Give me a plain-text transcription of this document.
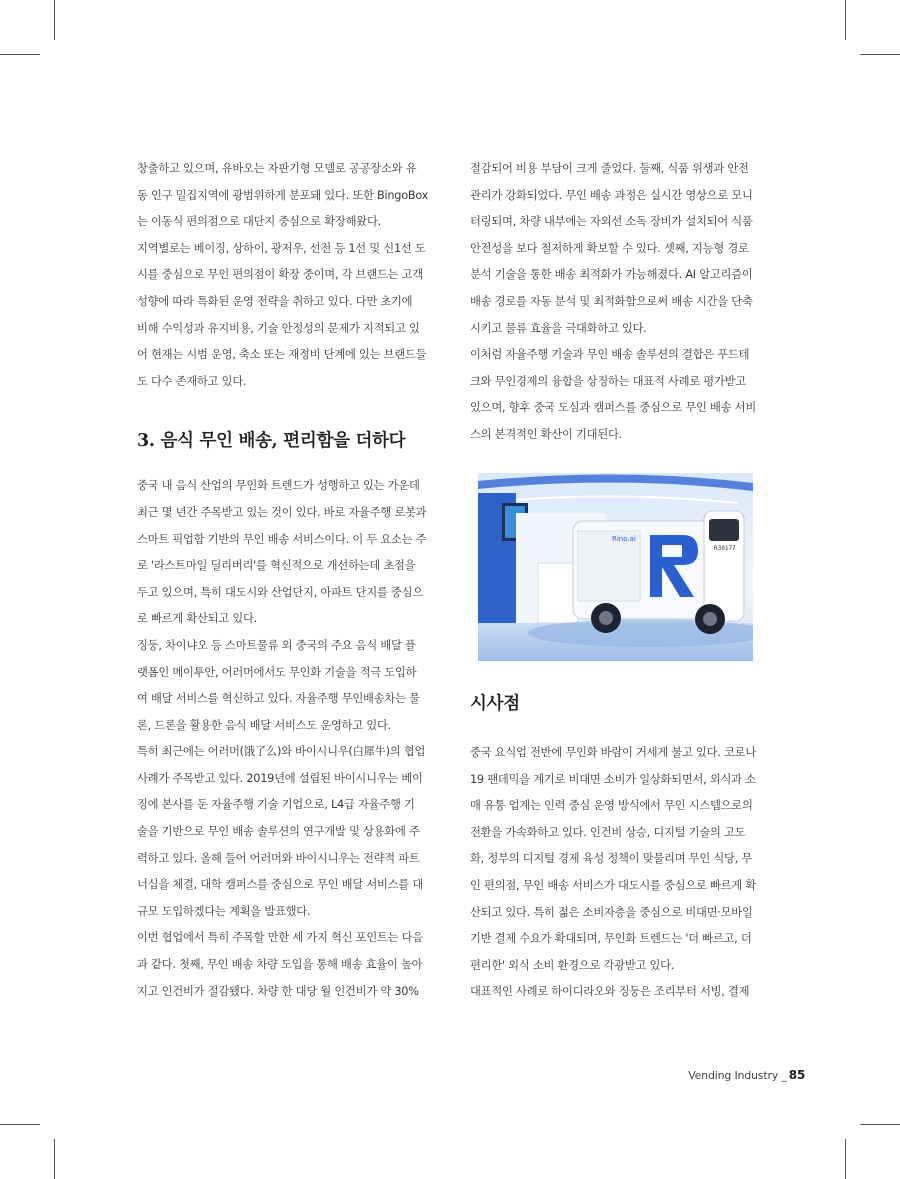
창출하고 있으며, 유바오는 자판기형 모델로 공공장소와 유

동 인구 밀집지역에 광범위하게 분포돼 있다. 또한 BingoBox

는 이동식 편의점으로 대단지 중심으로 확장해왔다.

지역별로는 베이징, 상하이, 광저우, 선전 등 1선 및 신1선 도

시를 중심으로 무인 편의점이 확장 중이며, 각 브랜드는 고객

성향에 따라 특화된 운영 전략을 취하고 있다. 다만 초기에

비해 수익성과 유지비용, 기술 안정성의 문제가 지적되고 있

어 현재는 시범 운영, 축소 또는 재정비 단계에 있는 브랜드들

도 다수 존재하고 있다.

3. 음식 무인 배송, 편리함을 더하다

중국 내 음식 산업의 무인화 트렌드가 성행하고 있는 가운데

최근 몇 년간 주목받고 있는 것이 있다. 바로 자율주행 로봇과

스마트 픽업함 기반의 무인 배송 서비스이다. 이 두 요소는 주

로 '라스트마일 딜리버리'를 혁신적으로 개선하는데 초점을

두고 있으며, 특히 대도시와 산업단지, 아파트 단지를 중심으

로 빠르게 확산되고 있다.

징둥, 차이냐오 등 스마트물류 외 중국의 주요 음식 배달 플

랫폼인 메이투안, 어러머에서도 무인화 기술을 적극 도입하

여 배달 서비스를 혁신하고 있다. 자율주행 무인배송차는 물

론, 드론을 활용한 음식 배달 서비스도 운영하고 있다.

특히 최근에는 어러머(饿了么)와 바이시니우(白犀牛)의 협업

사례가 주목받고 있다. 2019년에 설립된 바이시니우는 베이

징에 본사를 둔 자율주행 기술 기업으로, L4급 자율주행 기

술을 기반으로 무인 배송 솔루션의 연구개발 및 상용화에 주

력하고 있다. 올해 들어 어러머와 바이시니우는 전략적 파트

너십을 체결, 대학 캠퍼스를 중심으로 무인 배달 서비스를 대

규모 도입하겠다는 계획을 발표했다.

이번 협업에서 특히 주목할 만한 세 가지 혁신 포인트는 다음

과 같다. 첫째, 무인 배송 차량 도입을 통해 배송 효율이 높아

지고 인건비가 절감됐다. 차량 한 대당 월 인건비가 약 30%

절감되어 비용 부담이 크게 줄었다. 둘째, 식품 위생과 안전

관리가 강화되었다. 무인 배송 과정은 실시간 영상으로 모니

터링되며, 차량 내부에는 자외선 소독 장비가 설치되어 식품

안전성을 보다 철저하게 확보할 수 있다. 셋째, 지능형 경로

분석 기술을 통한 배송 최적화가 가능해졌다. AI 알고리즘이

배송 경로를 자동 분석 및 최적화함으로써 배송 시간을 단축

시키고 물류 효율을 극대화하고 있다.

이처럼 자율주행 기술과 무인 배송 솔루션의 결합은 푸드테

크와 무인경제의 융합을 상징하는 대표적 사례로 평가받고

있으며, 향후 중국 도심과 캠퍼스를 중심으로 무인 배송 서비

스의 본격적인 확산이 기대된다.

R30177
Rino.ai
시사점

중국 요식업 전반에 무인화 바람이 거세게 불고 있다. 코로나

19 팬데믹을 계기로 비대면 소비가 일상화되면서, 외식과 소

매 유통 업계는 인력 중심 운영 방식에서 무인 시스템으로의

전환을 가속화하고 있다. 인건비 상승, 디지털 기술의 고도

화, 정부의 디지털 경제 육성 정책이 맞물리며 무인 식당, 무

인 편의점, 무인 배송 서비스가 대도시를 중심으로 빠르게 확

산되고 있다. 특히 젊은 소비자층을 중심으로 비대면·모바일

기반 결제 수요가 확대되며, 무인화 트렌드는 '더 빠르고, 더

편리한' 외식 소비 환경으로 각광받고 있다.

대표적인 사례로 하이디라오와 징둥은 조리부터 서빙, 결제

Vending Industry _ 85
